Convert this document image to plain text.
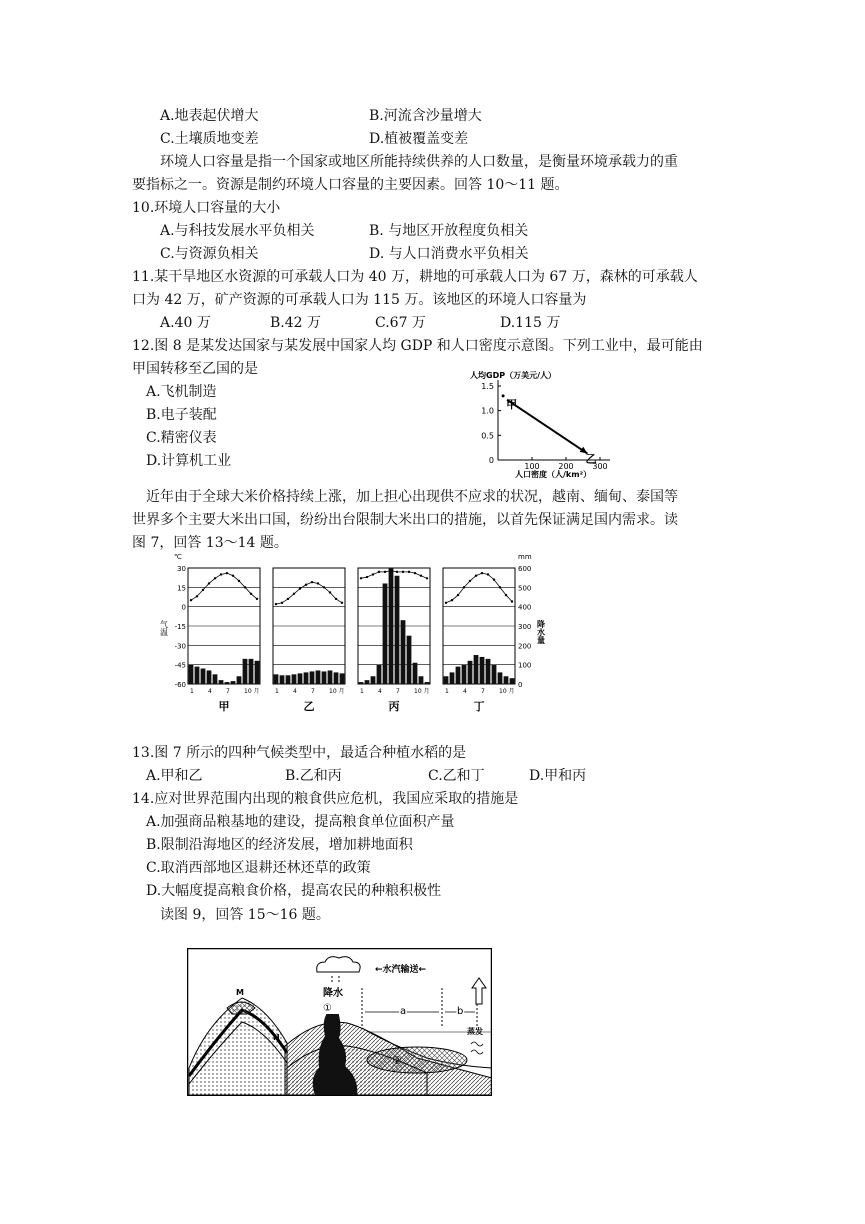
A.地表起伏增大	B.河流含沙量增大
C.土壤质地变差	D.植被覆盖变差
环境人口容量是指一个国家或地区所能持续供养的人口数量，是衡量环境承载力的重
要指标之一。资源是制约环境人口容量的主要因素。回答 10～11 题。
10.环境人口容量的大小
A.与科技发展水平负相关	B. 与地区开放程度负相关
C.与资源负相关	D. 与人口消费水平负相关
11.某干旱地区水资源的可承载人口为 40 万，耕地的可承载人口为 67 万，森林的可承载人
口为 42 万，矿产资源的可承载人口为 115 万。该地区的环境人口容量为
A.40 万	B.42 万	C.67 万	D.115 万
12.图 8 是某发达国家与某发展中国家人均 GDP 和人口密度示意图。下列工业中，最可能由
甲国转移至乙国的是
A.飞机制造
B.电子装配
C.精密仪表
D.计算机工业
人均GDP（万美元/人）
1.5
1.0
0.5
0
100 200 300
甲
乙
人口密度（人/km²）
近年由于全球大米价格持续上涨，加上担心出现供不应求的状况，越南、缅甸、泰国等
世界多个主要大米出口国，纷纷出台限制大米出口的措施，以首先保证满足国内需求。读
图 7，回答 13～14 题。
℃	mm
气温	降水量
30
15
0
-15
-30
-45
-60
600
500
400
300
200
100
0
1 4 7 10 月
甲
1 4 7 10 月
乙
1 4 7 10 月
丙
1 4 7 10 月
丁
13.图 7 所示的四种气候类型中，最适合种植水稻的是
A.甲和乙	B.乙和丙	C.乙和丁	D.甲和丙
14.应对世界范围内出现的粮食供应危机，我国应采取的措施是
A.加强商品粮基地的建设，提高粮食单位面积产量
B.限制沿海地区的经济发展，增加耕地面积
C.取消西部地区退耕还林还草的政策
D.大幅度提高粮食价格，提高农民的种粮积极性
读图 9，回答 15～16 题。
M
N
②
降水
①
←水汽输送←
a	b
蒸发
